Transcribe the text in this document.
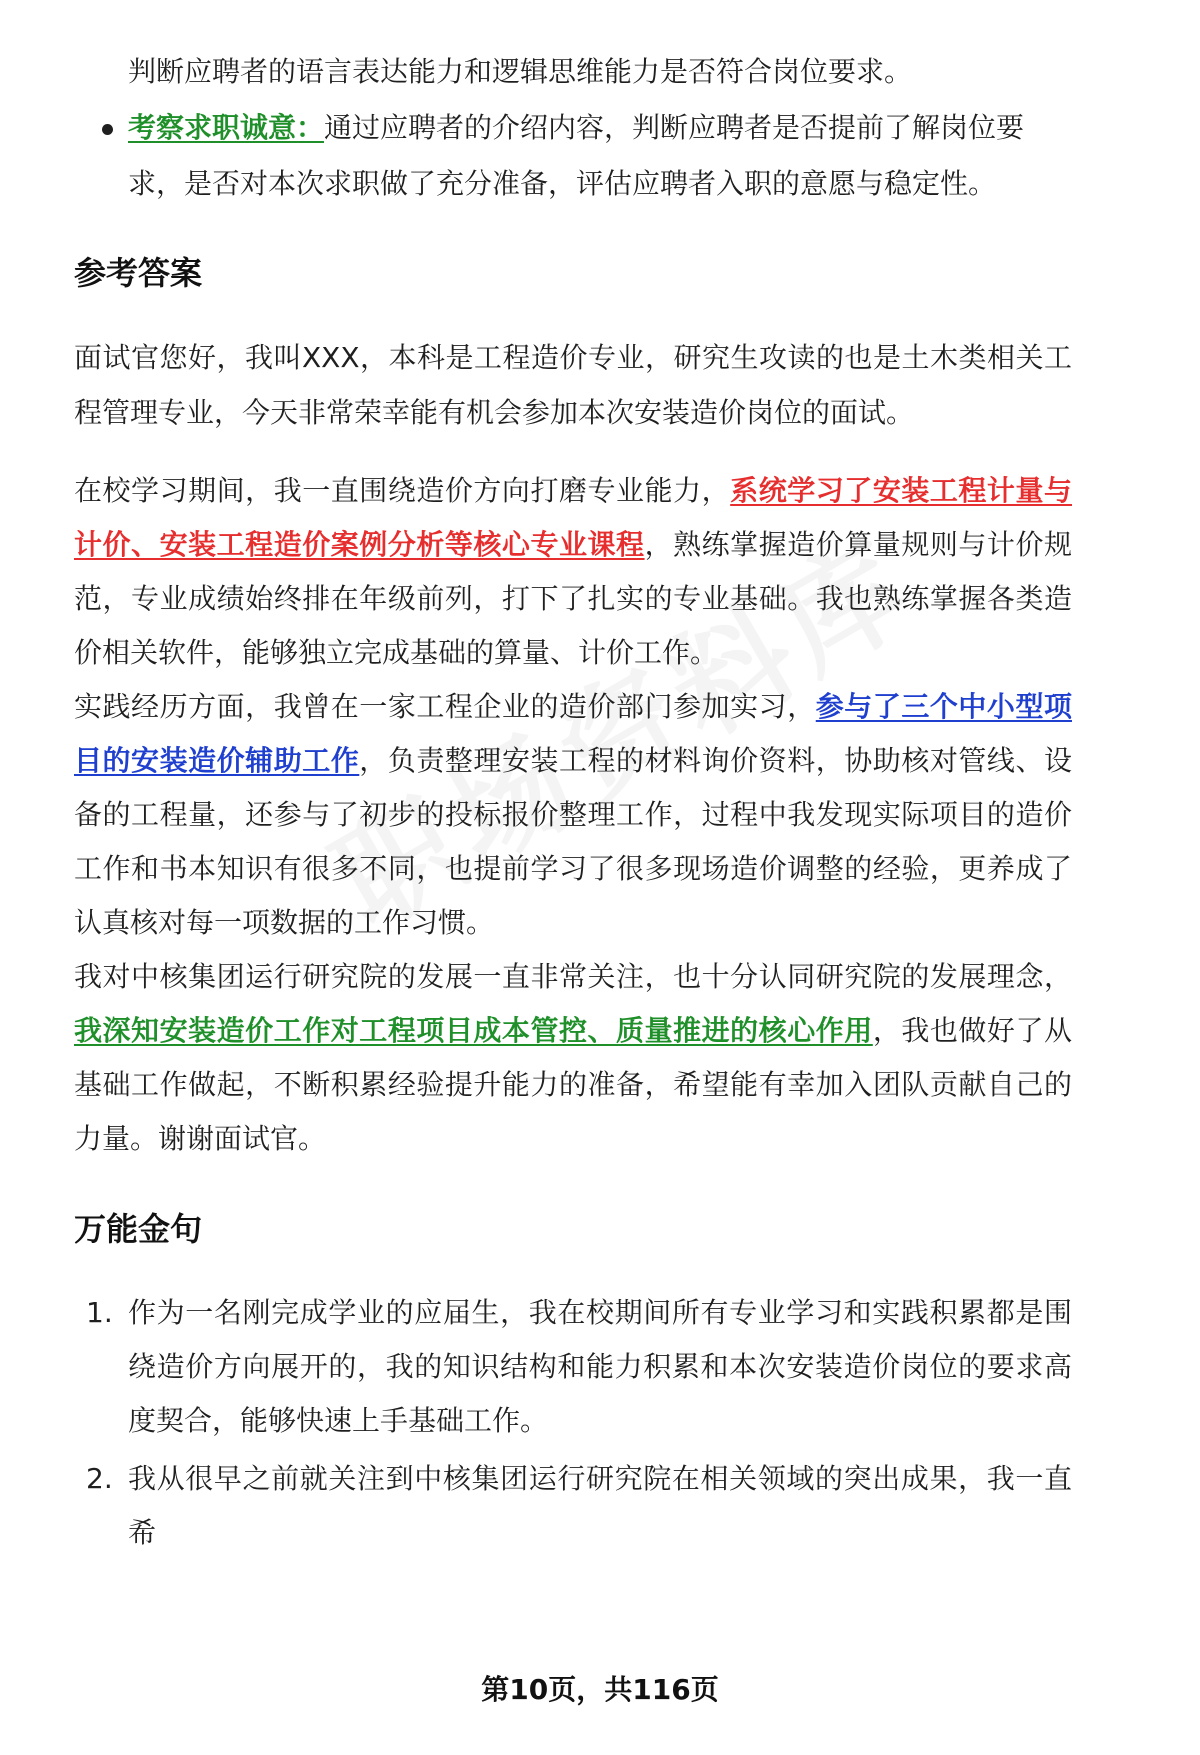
判断应聘者的语言表达能力和逻辑思维能力是否符合岗位要求。

考察求职诚意：通过应聘者的介绍内容，判断应聘者是否提前了解岗位要求，是否对本次求职做了充分准备，评估应聘者入职的意愿与稳定性。
参考答案

面试官您好，我叫XXX，本科是工程造价专业，研究生攻读的也是土木类相关工程管理专业，今天非常荣幸能有机会参加本次安装造价岗位的面试。

在校学习期间，我一直围绕造价方向打磨专业能力，系统学习了安装工程计量与计价、安装工程造价案例分析等核心专业课程，熟练掌握造价算量规则与计价规范，专业成绩始终排在年级前列，打下了扎实的专业基础。我也熟练掌握各类造价相关软件，能够独立完成基础的算量、计价工作。

实践经历方面，我曾在一家工程企业的造价部门参加实习，参与了三个中小型项目的安装造价辅助工作，负责整理安装工程的材料询价资料，协助核对管线、设备的工程量，还参与了初步的投标报价整理工作，过程中我发现实际项目的造价工作和书本知识有很多不同，也提前学习了很多现场造价调整的经验，更养成了认真核对每一项数据的工作习惯。

我对中核集团运行研究院的发展一直非常关注，也十分认同研究院的发展理念，我深知安装造价工作对工程项目成本管控、质量推进的核心作用，我也做好了从基础工作做起，不断积累经验提升能力的准备，希望能有幸加入团队贡献自己的力量。谢谢面试官。

万能金句
1. 作为一名刚完成学业的应届生，我在校期间所有专业学习和实践积累都是围绕造价方向展开的，我的知识结构和能力积累和本次安装造价岗位的要求高度契合，能够快速上手基础工作。
2. 我从很早之前就关注到中核集团运行研究院在相关领域的突出成果，我一直希
第10页，共116页
